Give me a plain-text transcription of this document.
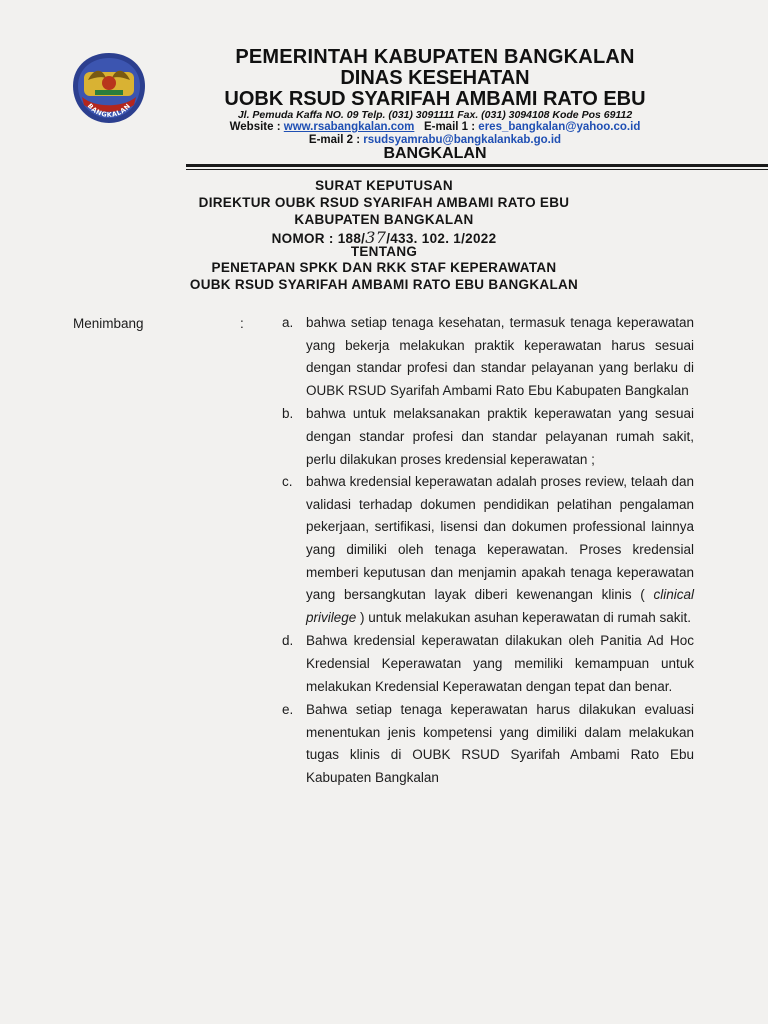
BANGKALAN
PEMERINTAH KABUPATEN BANGKALAN
DINAS KESEHATAN
UOBK RSUD SYARIFAH AMBAMI RATO EBU
Jl. Pemuda Kaffa NO. 09 Telp. (031) 3091111 Fax. (031) 3094108 Kode Pos 69112
Website : www.rsabangkalan.com E-mail 1 : eres_bangkalan@yahoo.co.id
E-mail 2 : rsudsyamrabu@bangkalankab.go.id
BANGKALAN
SURAT KEPUTUSAN
DIREKTUR OUBK RSUD SYARIFAH AMBAMI RATO EBU
KABUPATEN BANGKALAN
NOMOR : 188/37/433. 102. 1/2022
TENTANG
PENETAPAN SPKK DAN RKK STAF KEPERAWATAN
OUBK RSUD SYARIFAH AMBAMI RATO EBU BANGKALAN
Menimbang	:	a. bahwa setiap tenaga kesehatan, termasuk tenaga keperawatan yang bekerja melakukan praktik keperawatan harus sesuai dengan standar profesi dan standar pelayanan yang berlaku di OUBK RSUD Syarifah Ambami Rato Ebu Kabupaten Bangkalan
b. bahwa untuk melaksanakan praktik keperawatan yang sesuai dengan standar profesi dan standar pelayanan rumah sakit, perlu dilakukan proses kredensial keperawatan ;
c. bahwa kredensial keperawatan adalah proses review, telaah dan validasi terhadap dokumen pendidikan pelatihan pengalaman pekerjaan, sertifikasi, lisensi dan dokumen professional lainnya yang dimiliki oleh tenaga keperawatan. Proses kredensial memberi keputusan dan menjamin apakah tenaga keperawatan yang bersangkutan layak diberi kewenangan klinis ( clinical privilege ) untuk melakukan asuhan keperawatan di rumah sakit.
d. Bahwa kredensial keperawatan dilakukan oleh Panitia Ad Hoc Kredensial Keperawatan yang memiliki kemampuan untuk melakukan Kredensial Keperawatan dengan tepat dan benar.
e. Bahwa setiap tenaga keperawatan harus dilakukan evaluasi menentukan jenis kompetensi yang dimiliki dalam melakukan tugas klinis di OUBK RSUD Syarifah Ambami Rato Ebu Kabupaten Bangkalan
